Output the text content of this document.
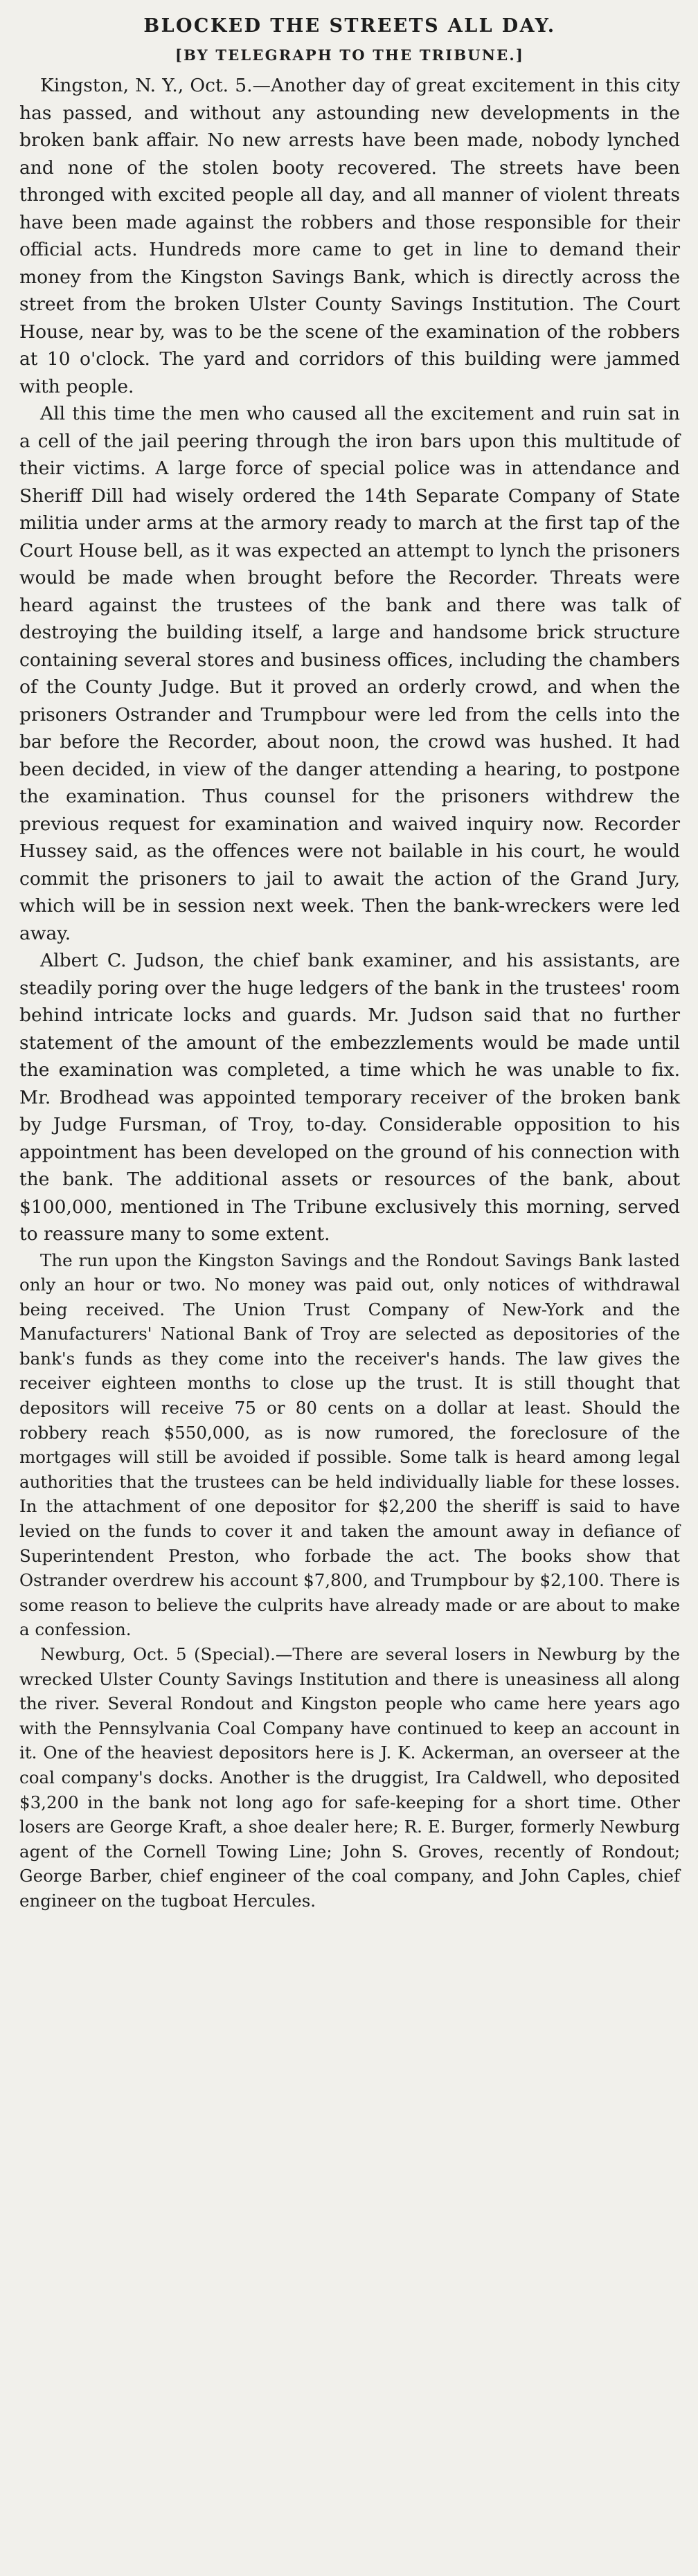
BLOCKED THE STREETS ALL DAY.
[BY TELEGRAPH TO THE TRIBUNE.]

Kingston, N. Y., Oct. 5.—Another day of great excitement in this city has passed, and without any astounding new developments in the broken bank affair. No new arrests have been made, nobody lynched and none of the stolen booty recovered. The streets have been thronged with excited people all day, and all manner of violent threats have been made against the robbers and those responsible for their official acts. Hundreds more came to get in line to demand their money from the Kingston Savings Bank, which is directly across the street from the broken Ulster County Savings Institution. The Court House, near by, was to be the scene of the examination of the robbers at 10 o'clock. The yard and corridors of this building were jammed with people.

All this time the men who caused all the excitement and ruin sat in a cell of the jail peering through the iron bars upon this multitude of their victims. A large force of special police was in attendance and Sheriff Dill had wisely ordered the 14th Separate Company of State militia under arms at the armory ready to march at the first tap of the Court House bell, as it was expected an attempt to lynch the prisoners would be made when brought before the Recorder. Threats were heard against the trustees of the bank and there was talk of destroying the building itself, a large and handsome brick structure containing several stores and business offices, including the chambers of the County Judge. But it proved an orderly crowd, and when the prisoners Ostrander and Trumpbour were led from the cells into the bar before the Recorder, about noon, the crowd was hushed. It had been decided, in view of the danger attending a hearing, to postpone the examination. Thus counsel for the prisoners withdrew the previous request for examination and waived inquiry now. Recorder Hussey said, as the offences were not bailable in his court, he would commit the prisoners to jail to await the action of the Grand Jury, which will be in session next week. Then the bank-wreckers were led away.

Albert C. Judson, the chief bank examiner, and his assistants, are steadily poring over the huge ledgers of the bank in the trustees' room behind intricate locks and guards. Mr. Judson said that no further statement of the amount of the embezzlements would be made until the examination was completed, a time which he was unable to fix. Mr. Brodhead was appointed temporary receiver of the broken bank by Judge Fursman, of Troy, to-day. Considerable opposition to his appointment has been developed on the ground of his connection with the bank. The additional assets or resources of the bank, about $100,000, mentioned in The Tribune exclusively this morning, served to reassure many to some extent.

The run upon the Kingston Savings and the Rondout Savings Bank lasted only an hour or two. No money was paid out, only notices of withdrawal being received. The Union Trust Company of New-York and the Manufacturers' National Bank of Troy are selected as depositories of the bank's funds as they come into the receiver's hands. The law gives the receiver eighteen months to close up the trust. It is still thought that depositors will receive 75 or 80 cents on a dollar at least. Should the robbery reach $550,000, as is now rumored, the foreclosure of the mortgages will still be avoided if possible. Some talk is heard among legal authorities that the trustees can be held individually liable for these losses. In the attachment of one depositor for $2,200 the sheriff is said to have levied on the funds to cover it and taken the amount away in defiance of Superintendent Preston, who forbade the act. The books show that Ostrander overdrew his account $7,800, and Trumpbour by $2,100. There is some reason to believe the culprits have already made or are about to make a confession.

Newburg, Oct. 5 (Special).—There are several losers in Newburg by the wrecked Ulster County Savings Institution and there is uneasiness all along the river. Several Rondout and Kingston people who came here years ago with the Pennsylvania Coal Company have continued to keep an account in it. One of the heaviest depositors here is J. K. Ackerman, an overseer at the coal company's docks. Another is the druggist, Ira Caldwell, who deposited $3,200 in the bank not long ago for safe-keeping for a short time. Other losers are George Kraft, a shoe dealer here; R. E. Burger, formerly Newburg agent of the Cornell Towing Line; John S. Groves, recently of Rondout; George Barber, chief engineer of the coal company, and John Caples, chief engineer on the tugboat Hercules.
